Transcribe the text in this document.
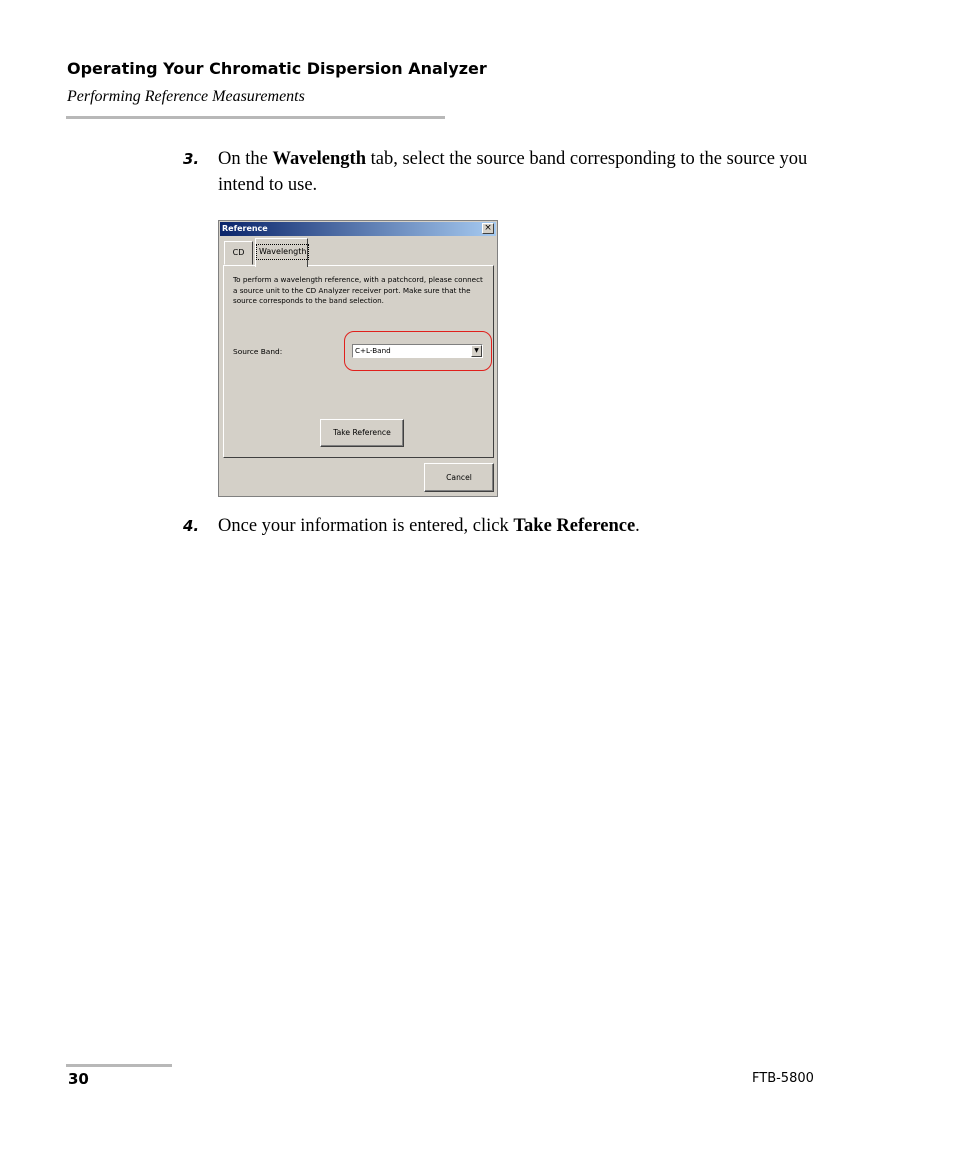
Operating Your Chromatic Dispersion Analyzer
Performing Reference Measurements
3. On the Wavelength tab, select the source band corresponding to the source you intend to use.
Reference	×
CD	Wavelength
To perform a wavelength reference, with a patchcord, please connect a source unit to the CD Analyzer receiver port. Make sure that the source corresponds to the band selection.
Source Band:	C+L-Band	▼
Take Reference
Cancel
4. Once your information is entered, click Take Reference.
30	FTB-5800
